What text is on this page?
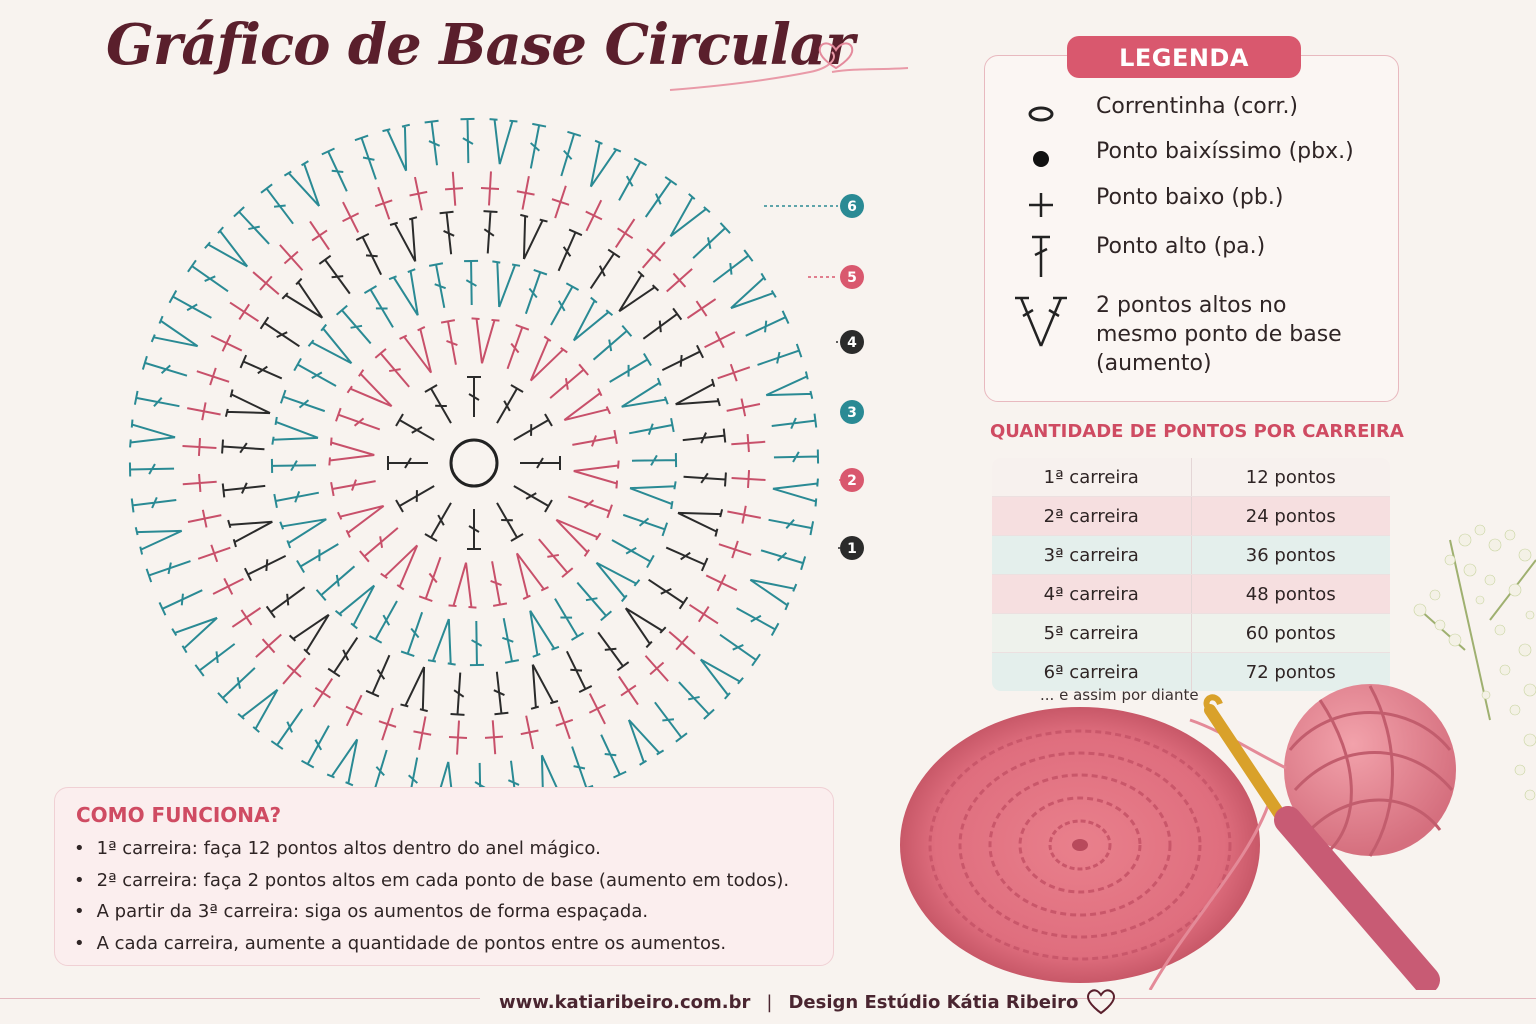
Gráfico de Base Circular
6
5
4
3
2
1
LEGENDA
Correntinha (corr.)
Ponto baixíssimo (pbx.)
Ponto baixo (pb.)
Ponto alto (pa.)
2 pontos altos no mesmo ponto de base (aumento)
QUANTIDADE DE PONTOS POR CARREIRA
1ª carreira	12 pontos
2ª carreira	24 pontos
3ª carreira	36 pontos
4ª carreira	48 pontos
5ª carreira	60 pontos
6ª carreira	72 pontos
... e assim por diante
COMO FUNCIONA?
• 1ª carreira: faça 12 pontos altos dentro do anel mágico.
• 2ª carreira: faça 2 pontos altos em cada ponto de base (aumento em todos).
• A partir da 3ª carreira: siga os aumentos de forma espaçada.
• A cada carreira, aumente a quantidade de pontos entre os aumentos.
www.katiaribeiro.com.br | Design Estúdio Kátia Ribeiro
